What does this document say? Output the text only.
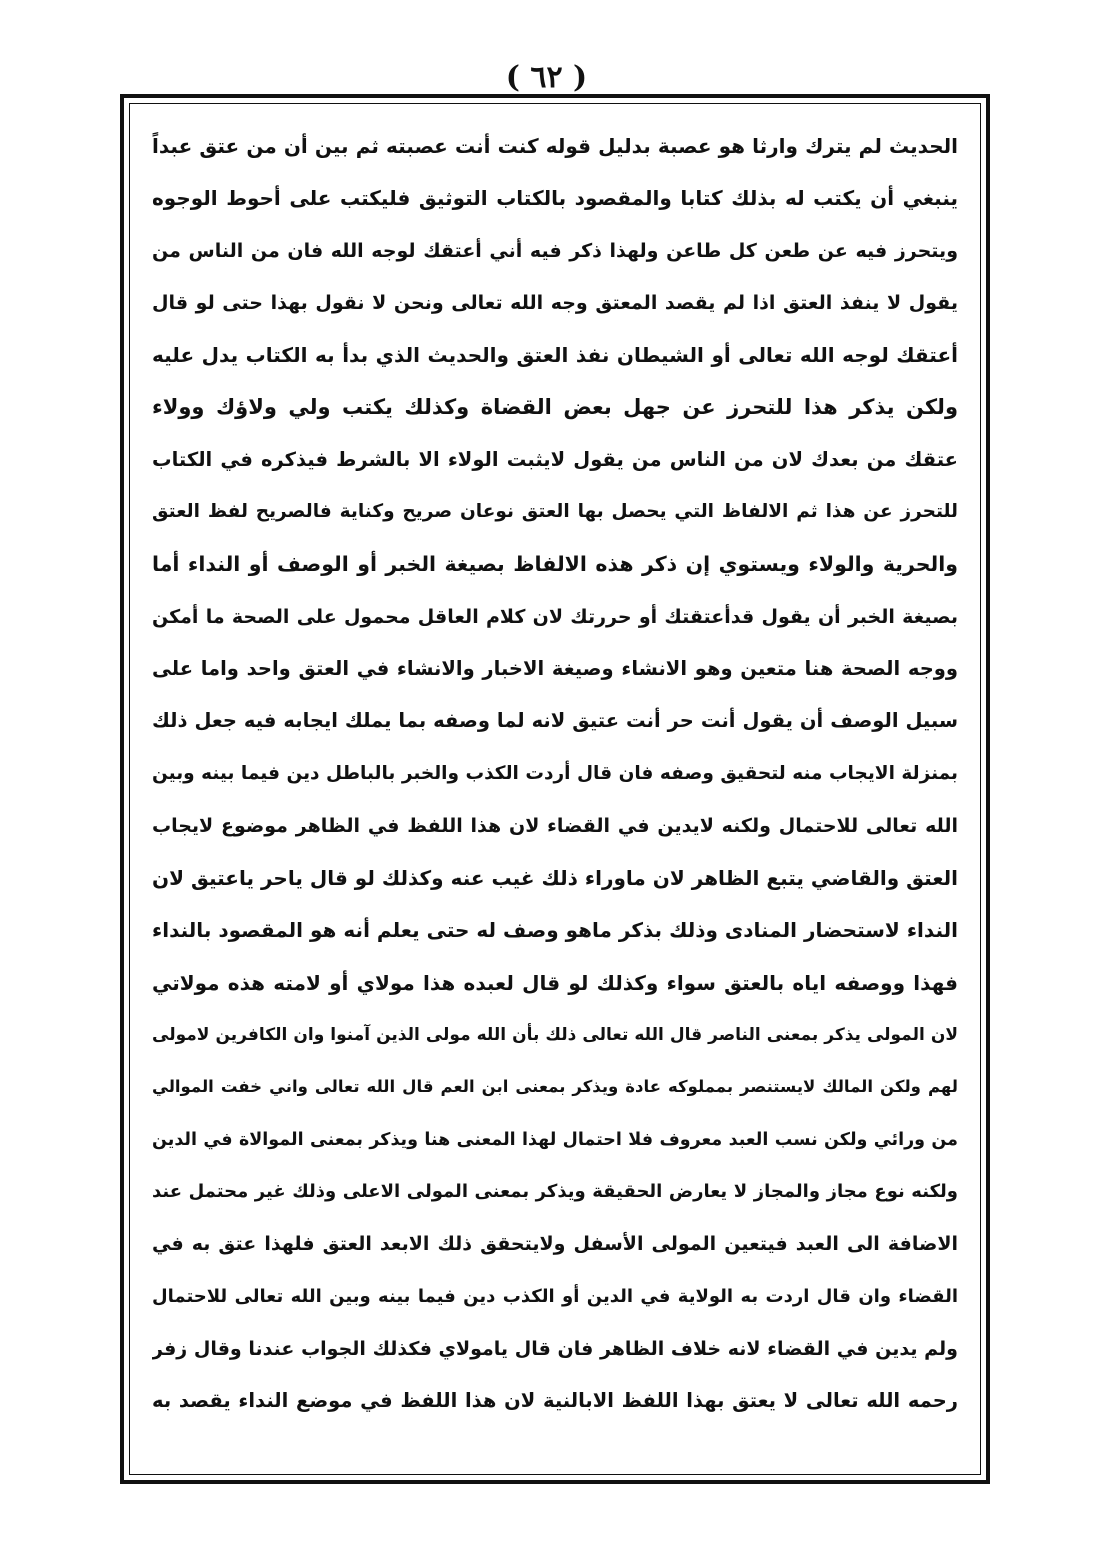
( ٦٢ )
الحديث لم يترك وارثا هو عصبة بدليل قوله كنت أنت عصبته ثم بين أن من عتق عبداً
ينبغي أن يكتب له بذلك كتابا والمقصود بالكتاب التوثيق فليكتب على أحوط الوجوه
ويتحرز فيه عن طعن كل طاعن ولهذا ذكر فيه أني أعتقك لوجه الله فان من الناس من
يقول لا ينفذ العتق اذا لم يقصد المعتق وجه الله تعالى ونحن لا نقول بهذا حتى لو قال
أعتقك لوجه الله تعالى أو الشيطان نفذ العتق والحديث الذي بدأ به الكتاب يدل عليه
ولكن يذكر هذا للتحرز عن جهل بعض القضاة وكذلك يكتب ولي ولاؤك وولاء
عتقك من بعدك لان من الناس من يقول لايثبت الولاء الا بالشرط فيذكره في الكتاب
للتحرز عن هذا ثم الالفاظ التي يحصل بها العتق نوعان صريح وكناية فالصريح لفظ العتق
والحرية والولاء ويستوي إن ذكر هذه الالفاظ بصيغة الخبر أو الوصف أو النداء أما
بصيغة الخبر أن يقول قدأعتقتك أو حررتك لان كلام العاقل محمول على الصحة ما أمكن
ووجه الصحة هنا متعين وهو الانشاء وصيغة الاخبار والانشاء في العتق واحد واما على
سبيل الوصف أن يقول أنت حر أنت عتيق لانه لما وصفه بما يملك ايجابه فيه جعل ذلك
بمنزلة الايجاب منه لتحقيق وصفه فان قال أردت الكذب والخبر بالباطل دين فيما بينه وبين
الله تعالى للاحتمال ولكنه لايدين في القضاء لان هذا اللفظ في الظاهر موضوع لايجاب
العتق والقاضي يتبع الظاهر لان ماوراء ذلك غيب عنه وكذلك لو قال ياحر ياعتيق لان
النداء لاستحضار المنادى وذلك بذكر ماهو وصف له حتى يعلم أنه هو المقصود بالنداء
فهذا ووصفه اياه بالعتق سواء وكذلك لو قال لعبده هذا مولاي أو لامته هذه مولاتي
لان المولى يذكر بمعنى الناصر قال الله تعالى ذلك بأن الله مولى الذين آمنوا وان الكافرين لامولى
لهم ولكن المالك لايستنصر بمملوكه عادة ويذكر بمعنى ابن العم قال الله تعالى واني خفت الموالي
من ورائي ولكن نسب العبد معروف فلا احتمال لهذا المعنى هنا ويذكر بمعنى الموالاة في الدين
ولكنه نوع مجاز والمجاز لا يعارض الحقيقة ويذكر بمعنى المولى الاعلى وذلك غير محتمل عند
الاضافة الى العبد فيتعين المولى الأسفل ولايتحقق ذلك الابعد العتق فلهذا عتق به في
القضاء وان قال اردت به الولاية في الدين أو الكذب دين فيما بينه وبين الله تعالى للاحتمال
ولم يدين في القضاء لانه خلاف الظاهر فان قال يامولاي فكذلك الجواب عندنا وقال زفر
رحمه الله تعالى لا يعتق بهذا اللفظ الابالنية لان هذا اللفظ في موضع النداء يقصد به
